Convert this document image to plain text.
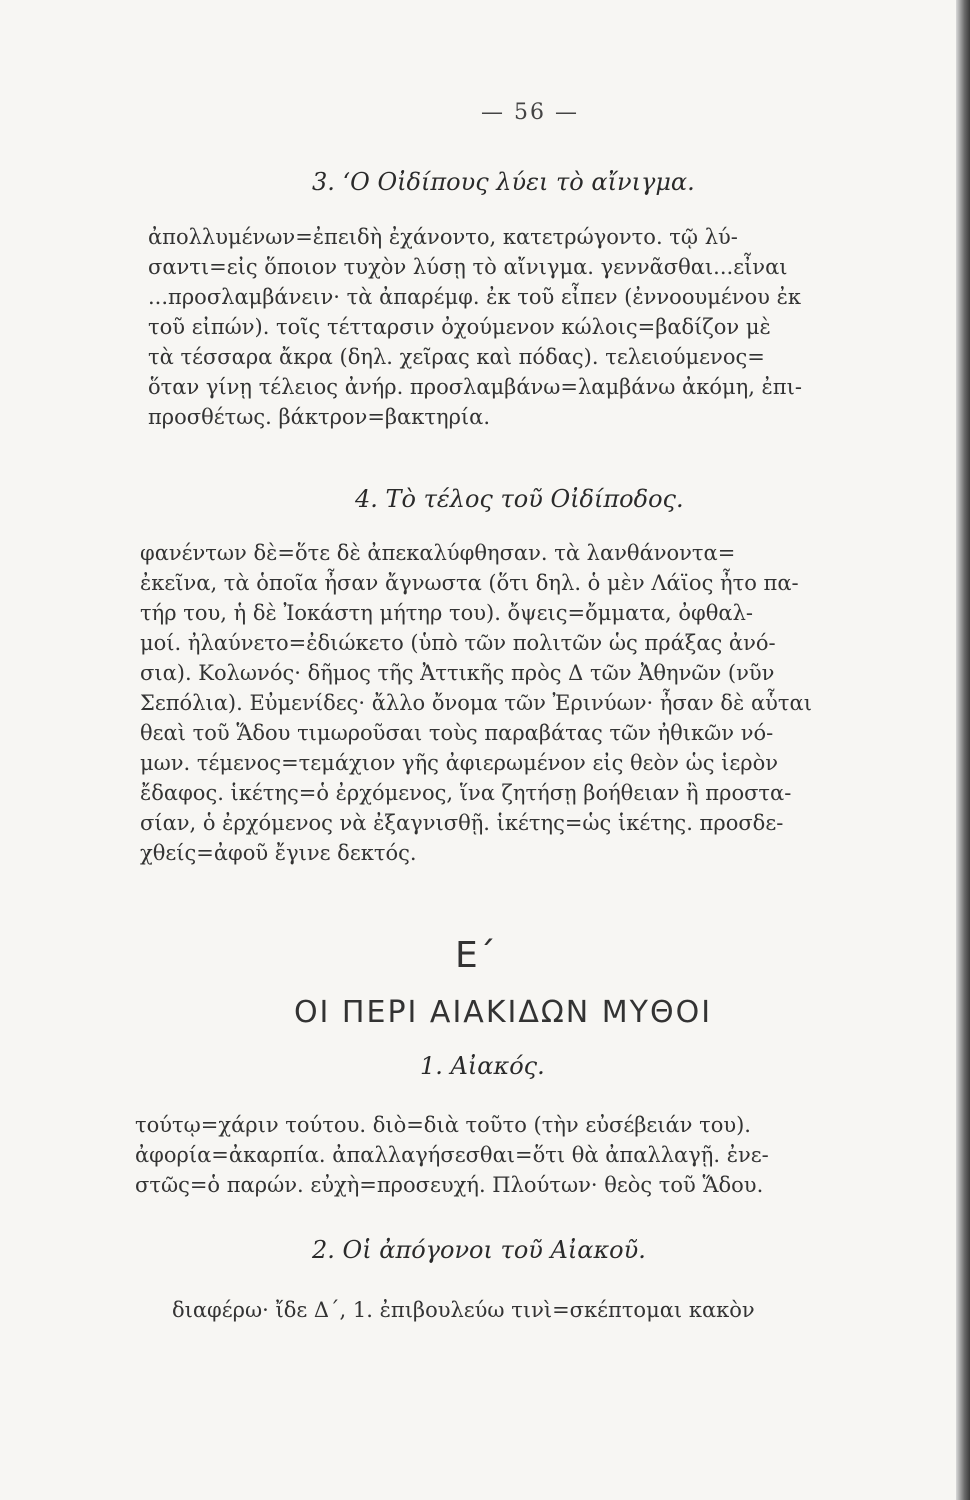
— 56 —
3. ‘Ο Οἰδίπους λύει τὸ αἴνιγμα.

ἀπολλυμένων=ἐπειδὴ ἐχάνοντο, κατετρώγοντο. τῷ λύ-

σαντι=εἰς ὅποιον τυχὸν λύσῃ τὸ αἴνιγμα. γεννᾶσθαι...εἶναι

...προσλαμβάνειν· τὰ ἀπαρέμφ. ἐκ τοῦ εἶπεν (ἐννοουμένου ἐκ

τοῦ εἰπών). τοῖς τέτταρσιν ὀχούμενον κώλοις=βαδίζον μὲ

τὰ τέσσαρα ἄκρα (δηλ. χεῖρας καὶ πόδας). τελειούμενος=

ὅταν γίνῃ τέλειος ἀνήρ. προσλαμβάνω=λαμβάνω ἀκόμη, ἐπι-

προσθέτως. βάκτρον=βακτηρία.

4. Τὸ τέλος τοῦ Οἰδίποδος.

φανέντων δὲ=ὅτε δὲ ἀπεκαλύφθησαν. τὰ λανθάνοντα=

ἐκεῖνα, τὰ ὁποῖα ἦσαν ἄγνωστα (ὅτι δηλ. ὁ μὲν Λάϊος ἦτο πα-

τήρ του, ἡ δὲ Ἰοκάστη μήτηρ του). ὄψεις=ὄμματα, ὀφθαλ-

μοί. ἠλαύνετο=ἐδιώκετο (ὑπὸ τῶν πολιτῶν ὡς πράξας ἀνό-

σια). Κολωνός· δῆμος τῆς Ἀττικῆς πρὸς Δ τῶν Ἀθηνῶν (νῦν

Σεπόλια). Εὐμενίδες· ἄλλο ὄνομα τῶν Ἐρινύων· ἦσαν δὲ αὗται

θεαὶ τοῦ Ἅδου τιμωροῦσαι τοὺς παραβάτας τῶν ἠθικῶν νό-

μων. τέμενος=τεμάχιον γῆς ἀφιερωμένον εἰς θεὸν ὡς ἱερὸν

ἔδαφος. ἱκέτης=ὁ ἐρχόμενος, ἵνα ζητήσῃ βοήθειαν ἢ προστα-

σίαν, ὁ ἐρχόμενος νὰ ἐξαγνισθῇ. ἱκέτης=ὡς ἱκέτης. προσδε-

χθείς=ἀφοῦ ἔγινε δεκτός.

Ε΄
ΟΙ ΠΕΡΙ ΑΙΑΚΙΔΩΝ ΜΥΘΟΙ
1. Αἰακός.

τούτῳ=χάριν τούτου. διὸ=διὰ τοῦτο (τὴν εὐσέβειάν του).

ἀφορία=ἀκαρπία. ἀπαλλαγήσεσθαι=ὅτι θὰ ἀπαλλαγῇ. ἐνε-

στῶς=ὁ παρών. εὐχὴ=προσευχή. Πλούτων· θεὸς τοῦ Ἅδου.

2. Οἱ ἀπόγονοι τοῦ Αἰακοῦ.

διαφέρω· ἴδε Δ΄, 1. ἐπιβουλεύω τινὶ=σκέπτομαι κακὸν
